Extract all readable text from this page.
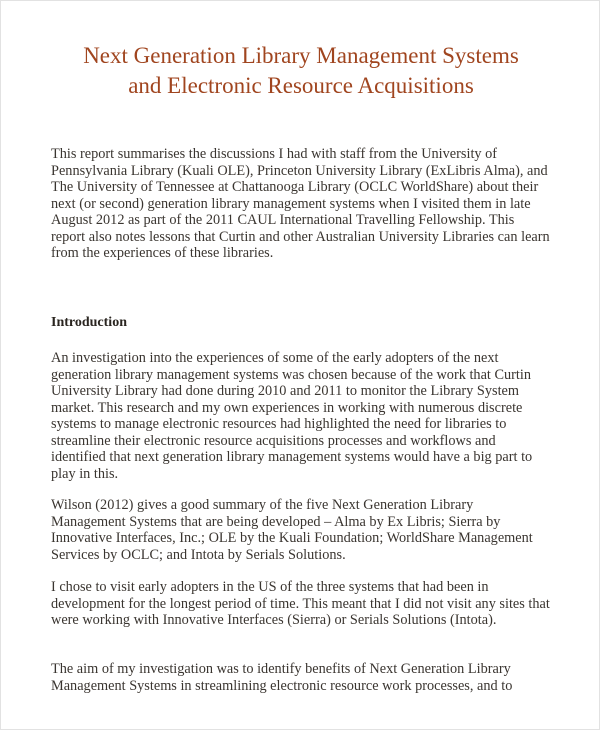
Next Generation Library Management Systems
and Electronic Resource Acquisitions

This report summarises the discussions I had with staff from the University of Pennsylvania Library (Kuali OLE), Princeton University Library (ExLibris Alma), and The University of Tennessee at Chattanooga Library (OCLC WorldShare) about their next (or second) generation library management systems when I visited them in late August 2012 as part of the 2011 CAUL International Travelling Fellowship. This report also notes lessons that Curtin and other Australian University Libraries can learn from the experiences of these libraries.

Introduction

An investigation into the experiences of some of the early adopters of the next generation library management systems was chosen because of the work that Curtin University Library had done during 2010 and 2011 to monitor the Library System market. This research and my own experiences in working with numerous discrete systems to manage electronic resources had highlighted the need for libraries to streamline their electronic resource acquisitions processes and workflows and identified that next generation library management systems would have a big part to play in this.

Wilson (2012) gives a good summary of the five Next Generation Library Management Systems that are being developed – Alma by Ex Libris; Sierra by Innovative Interfaces, Inc.; OLE by the Kuali Foundation; WorldShare Management Services by OCLC; and Intota by Serials Solutions.

I chose to visit early adopters in the US of the three systems that had been in development for the longest period of time. This meant that I did not visit any sites that were working with Innovative Interfaces (Sierra) or Serials Solutions (Intota).

The aim of my investigation was to identify benefits of Next Generation Library Management Systems in streamlining electronic resource work processes, and to
